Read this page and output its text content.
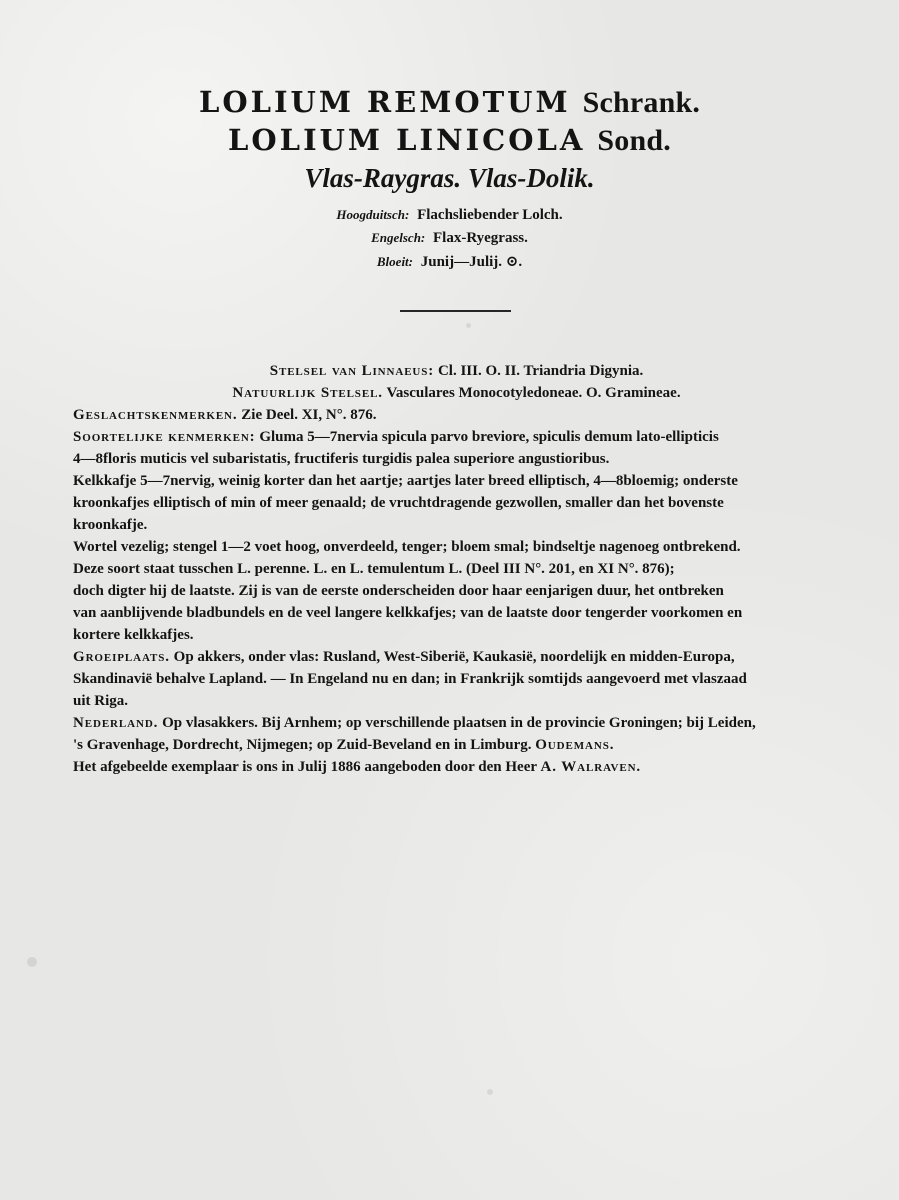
LOLIUM REMOTUM Schrank.
LOLIUM LINICOLA Sond.
Vlas-Raygras. Vlas-Dolik.
Hoogduitsch: Flachsliebender Lolch.
Engelsch: Flax-Ryegrass.
Bloeit: Junij—Julij. ⊙.
Stelsel van Linnaeus: Cl. III. O. II. Triandria Digynia.
Natuurlijk Stelsel. Vasculares Monocotyledoneae. O. Gramineae.
Geslachtskenmerken. Zie Deel. XI, N°. 876.
Soortelijke kenmerken: Gluma 5—7nervia spicula parvo breviore, spiculis demum lato-ellipticis
4—8floris muticis vel subaristatis, fructiferis turgidis palea superiore angustioribus.
Kelkkafje 5—7nervig, weinig korter dan het aartje; aartjes later breed elliptisch, 4—8bloemig; onderste
kroonkafjes elliptisch of min of meer genaald; de vruchtdragende gezwollen, smaller dan het bovenste
kroonkafje.
Wortel vezelig; stengel 1—2 voet hoog, onverdeeld, tenger; bloem smal; bindseltje nagenoeg ontbrekend.
Deze soort staat tusschen L. perenne. L. en L. temulentum L. (Deel III N°. 201, en XI N°. 876);
doch digter hij de laatste. Zij is van de eerste onderscheiden door haar eenjarigen duur, het ontbreken
van aanblijvende bladbundels en de veel langere kelkkafjes; van de laatste door tengerder voorkomen en
kortere kelkkafjes.
Groeiplaats. Op akkers, onder vlas: Rusland, West-Siberië, Kaukasië, noordelijk en midden-Europa,
Skandinavië behalve Lapland. — In Engeland nu en dan; in Frankrijk somtijds aangevoerd met vlaszaad
uit Riga.
Nederland. Op vlasakkers. Bij Arnhem; op verschillende plaatsen in de provincie Groningen; bij Leiden,
's Gravenhage, Dordrecht, Nijmegen; op Zuid-Beveland en in Limburg. Oudemans.
Het afgebeelde exemplaar is ons in Julij 1886 aangeboden door den Heer A. Walraven.
